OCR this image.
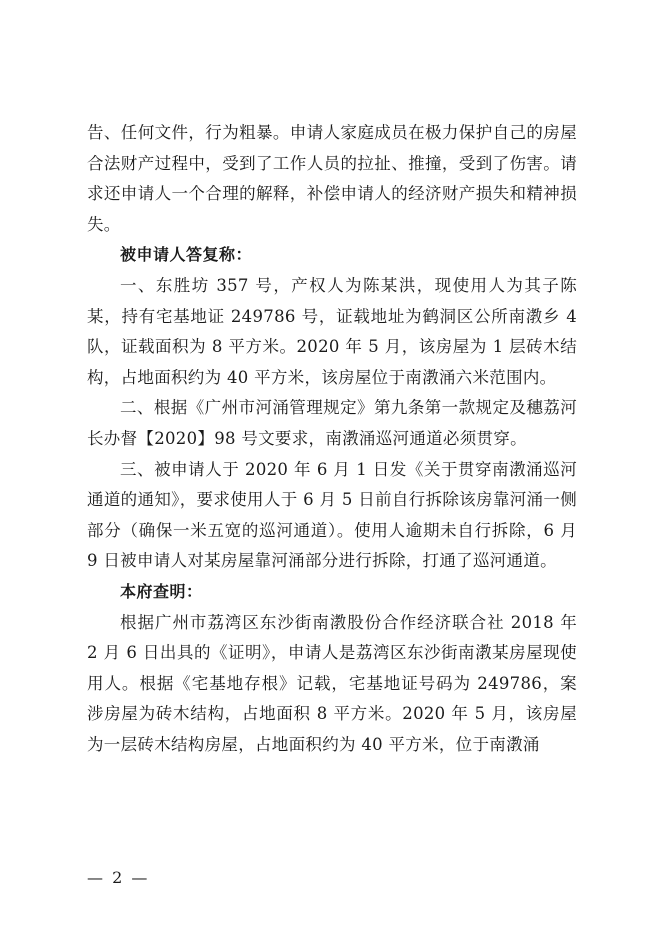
告、任何文件，行为粗暴。申请人家庭成员在极力保护自己的房屋合法财产过程中，受到了工作人员的拉扯、推撞，受到了伤害。请求还申请人一个合理的解释，补偿申请人的经济财产损失和精神损失。

被申请人答复称：

一、东胜坊 357 号，产权人为陈某洪，现使用人为其子陈某，持有宅基地证 249786 号，证载地址为鹤洞区公所南漖乡 4 队，证载面积为 8 平方米。2020 年 5 月，该房屋为 1 层砖木结构，占地面积约为 40 平方米，该房屋位于南漖涌六米范围内。

二、根据《广州市河涌管理规定》第九条第一款规定及穗荔河长办督【2020】98 号文要求，南漖涌巡河通道必须贯穿。

三、被申请人于 2020 年 6 月 1 日发《关于贯穿南漖涌巡河通道的通知》，要求使用人于 6 月 5 日前自行拆除该房靠河涌一侧部分（确保一米五宽的巡河通道）。使用人逾期未自行拆除，6 月 9 日被申请人对某房屋靠河涌部分进行拆除，打通了巡河通道。

本府查明：

根据广州市荔湾区东沙街南漖股份合作经济联合社 2018 年 2 月 6 日出具的《证明》，申请人是荔湾区东沙街南漖某房屋现使用人。根据《宅基地存根》记载，宅基地证号码为 249786，案涉房屋为砖木结构，占地面积 8 平方米。2020 年 5 月，该房屋为一层砖木结构房屋，占地面积约为 40 平方米，位于南漖涌

— 2 —
